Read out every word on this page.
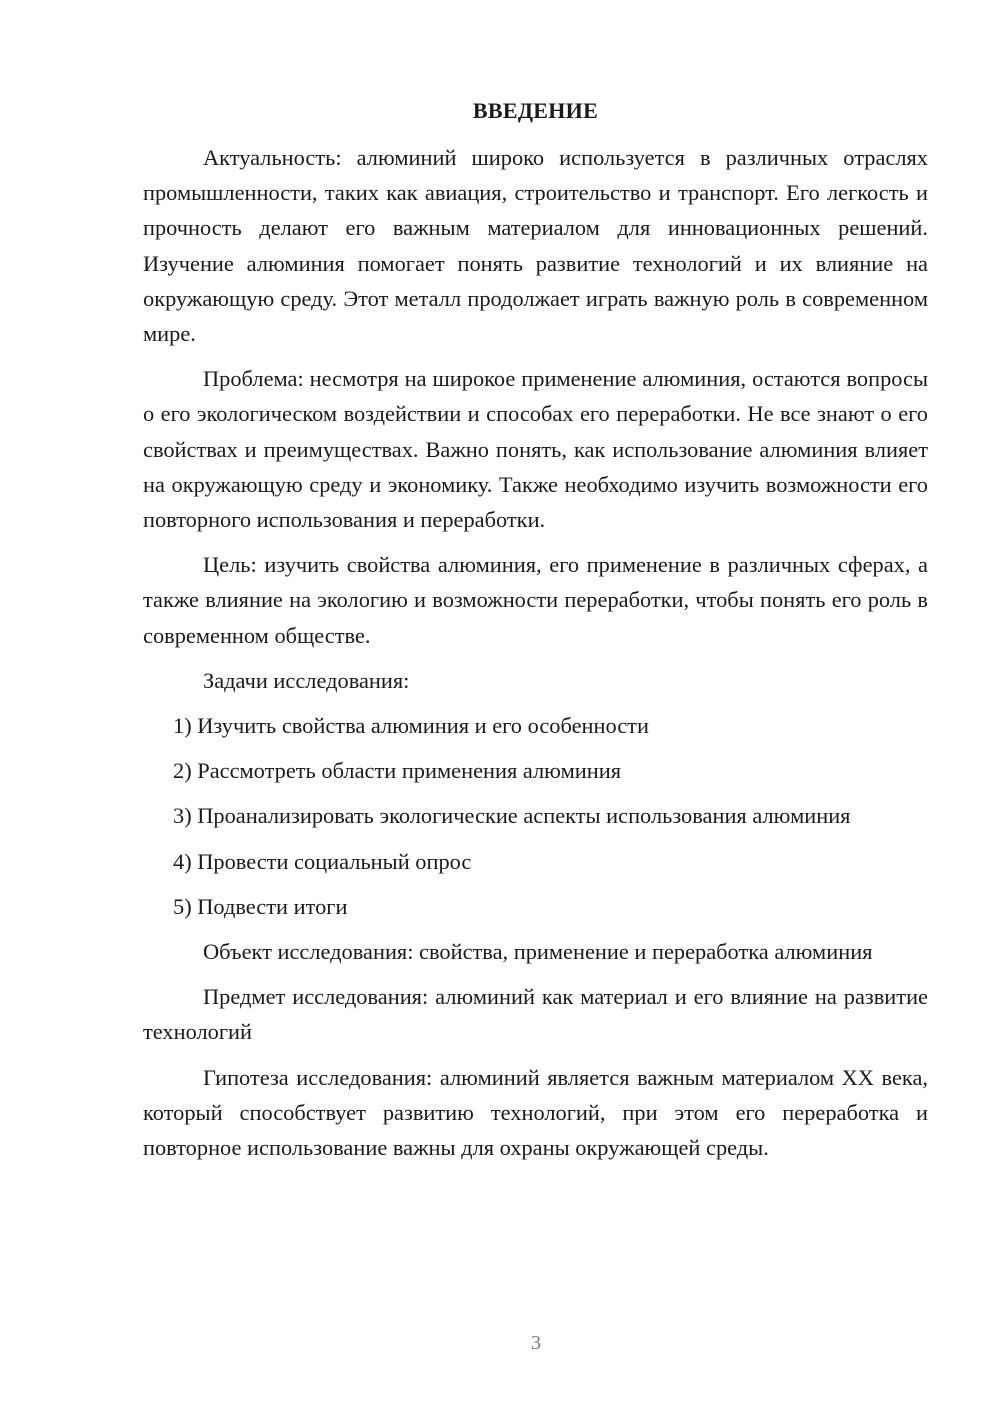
ВВЕДЕНИЕ

Актуальность: алюминий широко используется в различных отраслях промышленности, таких как авиация, строительство и транспорт. Его легкость и прочность делают его важным материалом для инновационных решений. Изучение алюминия помогает понять развитие технологий и их влияние на окружающую среду. Этот металл продолжает играть важную роль в современном мире.

Проблема: несмотря на широкое применение алюминия, остаются вопросы о его экологическом воздействии и способах его переработки. Не все знают о его свойствах и преимуществах. Важно понять, как использование алюминия влияет на окружающую среду и экономику. Также необходимо изучить возможности его повторного использования и переработки.

Цель: изучить свойства алюминия, его применение в различных сферах, а также влияние на экологию и возможности переработки, чтобы понять его роль в современном обществе.

Задачи исследования:

1) Изучить свойства алюминия и его особенности

2) Рассмотреть области применения алюминия

3) Проанализировать экологические аспекты использования алюминия

4) Провести социальный опрос

5) Подвести итоги

Объект исследования: свойства, применение и переработка алюминия

Предмет исследования: алюминий как материал и его влияние на развитие технологий

Гипотеза исследования: алюминий является важным материалом XX века, который способствует развитию технологий, при этом его переработка и повторное использование важны для охраны окружающей среды.

3
